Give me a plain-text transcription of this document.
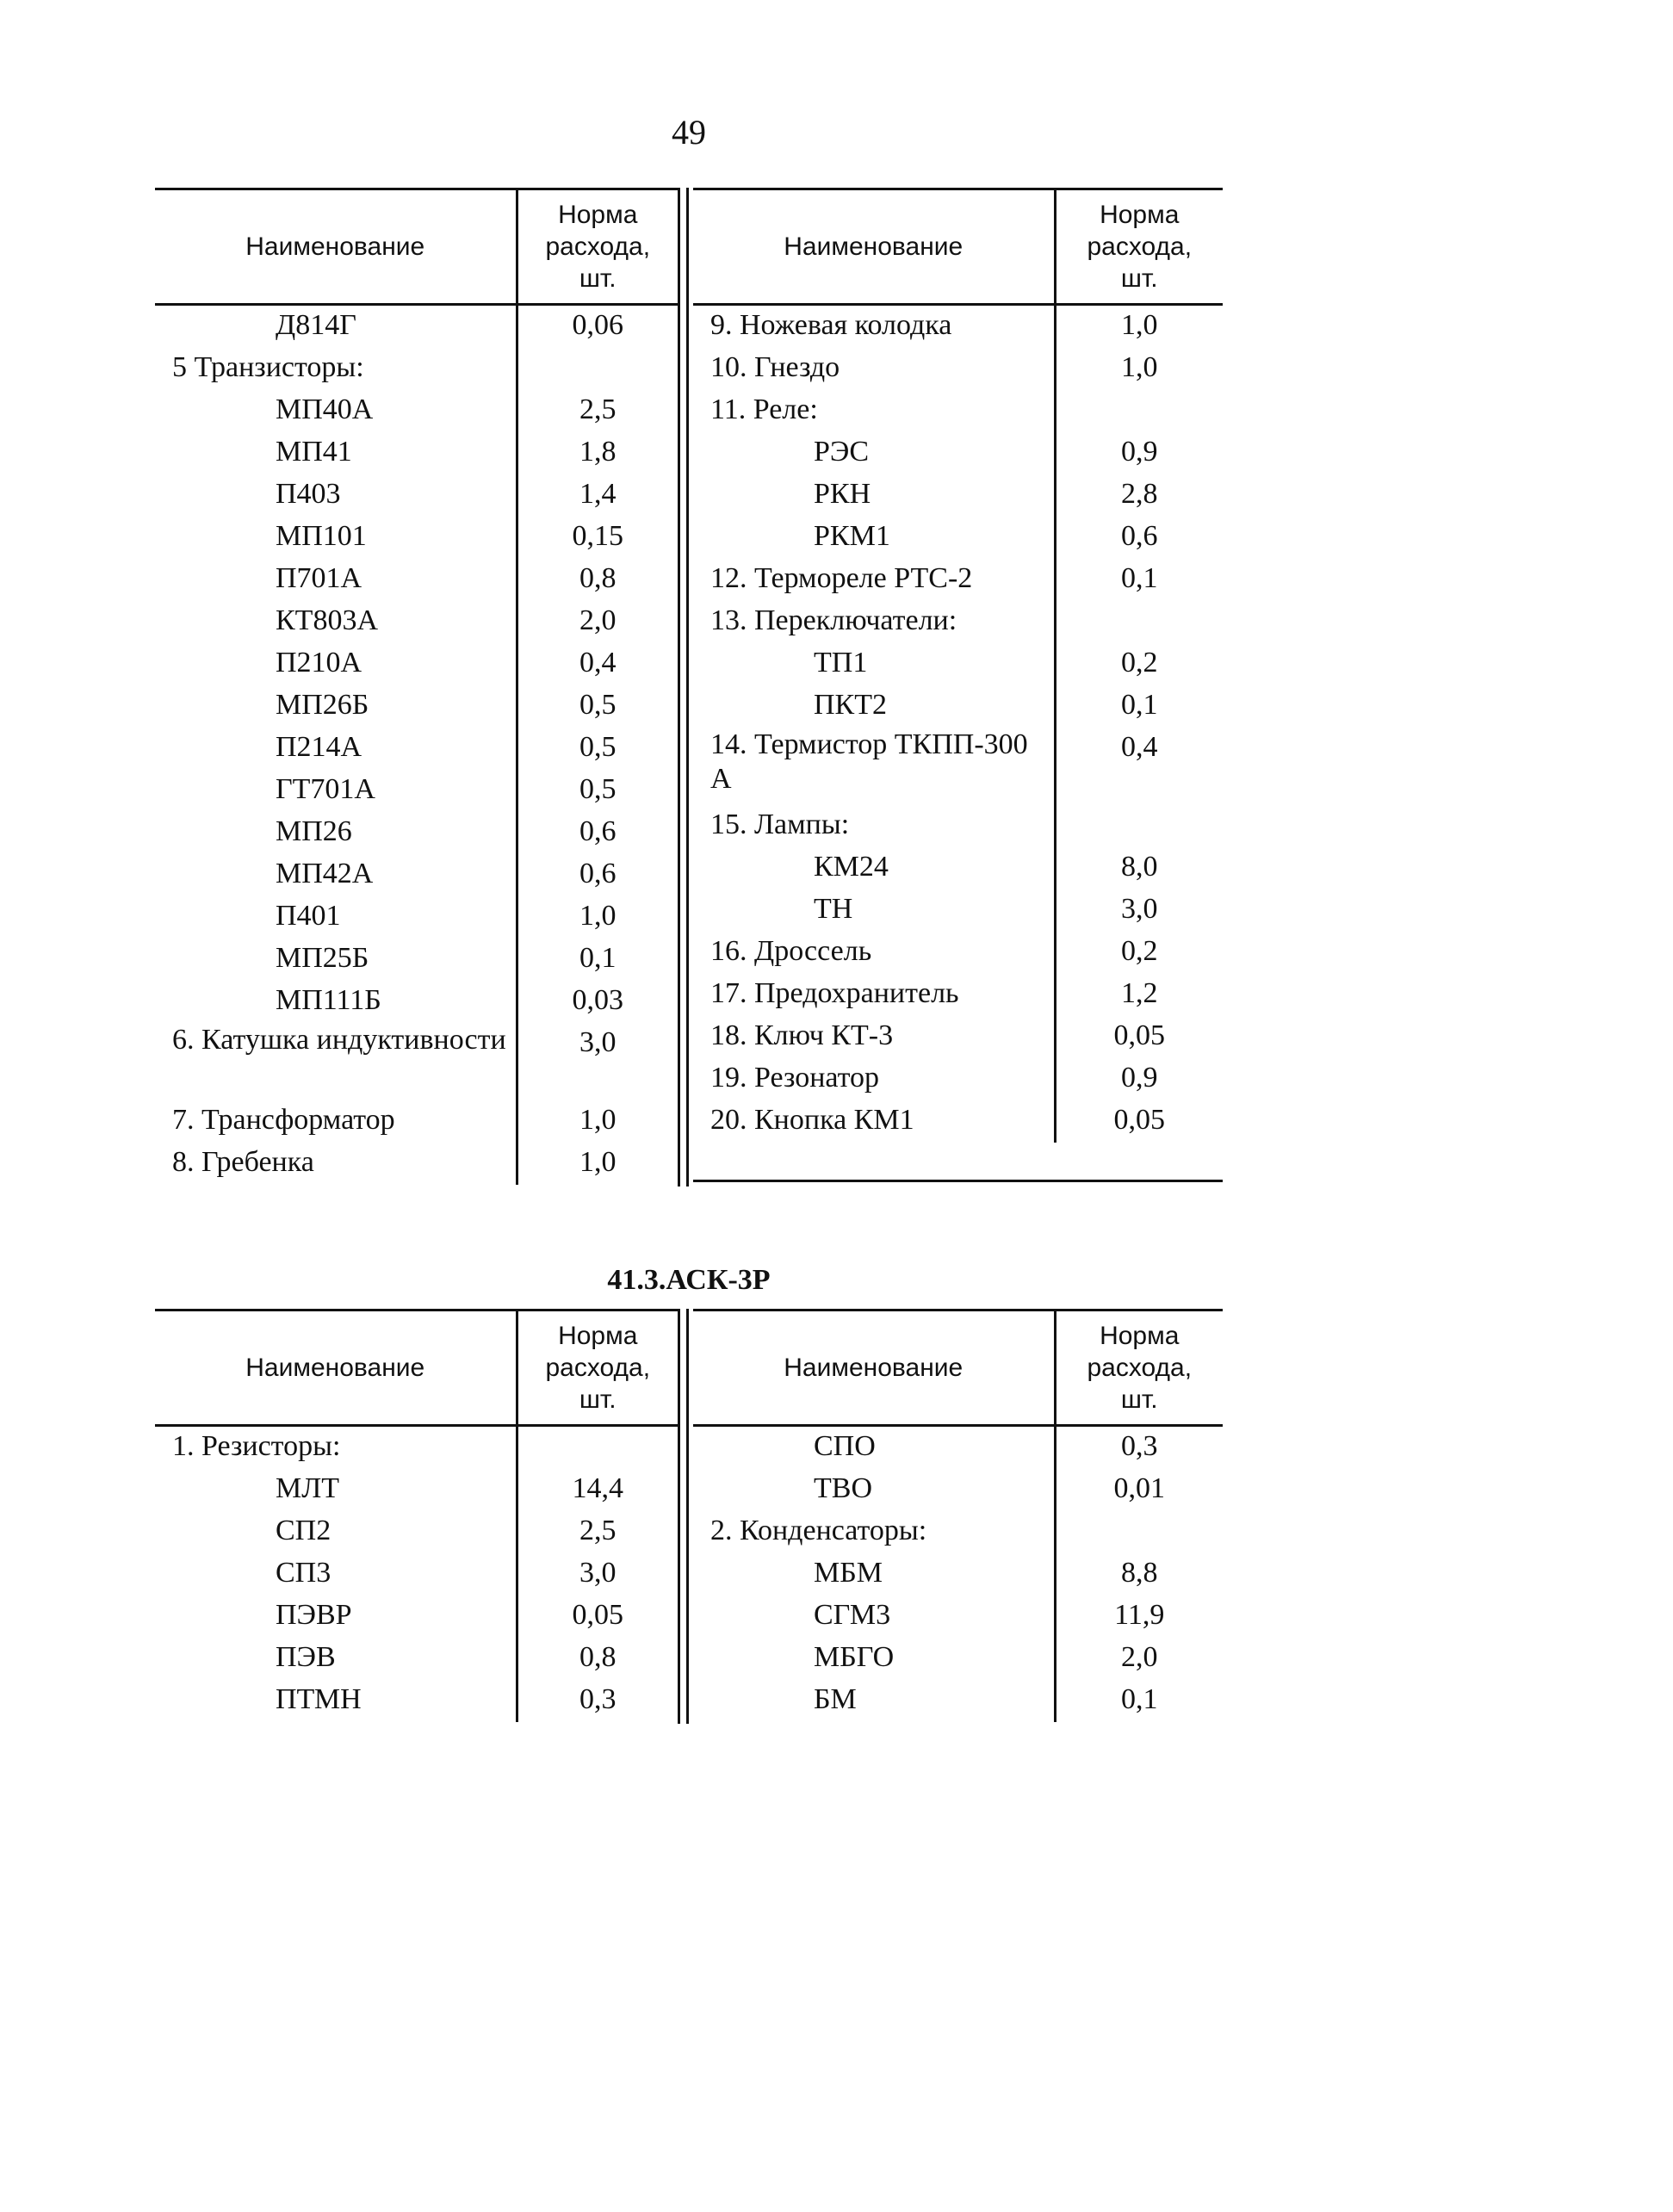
49
Наименование	Норма
расхода,
шт.

Д814Г	0,06
5 Транзисторы:	
МП40А	2,5
МП41	1,8
П403	1,4
МП101	0,15
П701А	0,8
КТ803А	2,0
П210А	0,4
МП26Б	0,5
П214А	0,5
ГТ701А	0,5
МП26	0,6
МП42А	0,6
П401	1,0
МП25Б	0,1
МП111Б	0,03
6. Катушка индуктивности	3,0
7. Трансформатор	1,0
8. Гребенка	1,0
Наименование	Норма
расхода,
шт.

9. Ножевая колодка	1,0
10. Гнездо	1,0
11. Реле:	
РЭС	0,9
РКН	2,8
РКМ1	0,6
12. Термореле РТС-2	0,1
13. Переключатели:	
ТП1	0,2
ПКТ2	0,1
14. Термистор ТКПП-300 А	0,4
15. Лампы:	
КМ24	8,0
ТН	3,0
16. Дроссель	0,2
17. Предохранитель	1,2
18. Ключ КТ-3	0,05
19. Резонатор	0,9
20. Кнопка КМ1	0,05
41.3.АСК-3Р
Наименование	Норма
расхода,
шт.

1. Резисторы:	
МЛТ	14,4
СП2	2,5
СП3	3,0
ПЭВР	0,05
ПЭВ	0,8
ПТМН	0,3
Наименование	Норма
расхода,
шт.

СПО	0,3
ТВО	0,01
2. Конденсаторы:	
МБМ	8,8
СГМ3	11,9
МБГО	2,0
БМ	0,1
